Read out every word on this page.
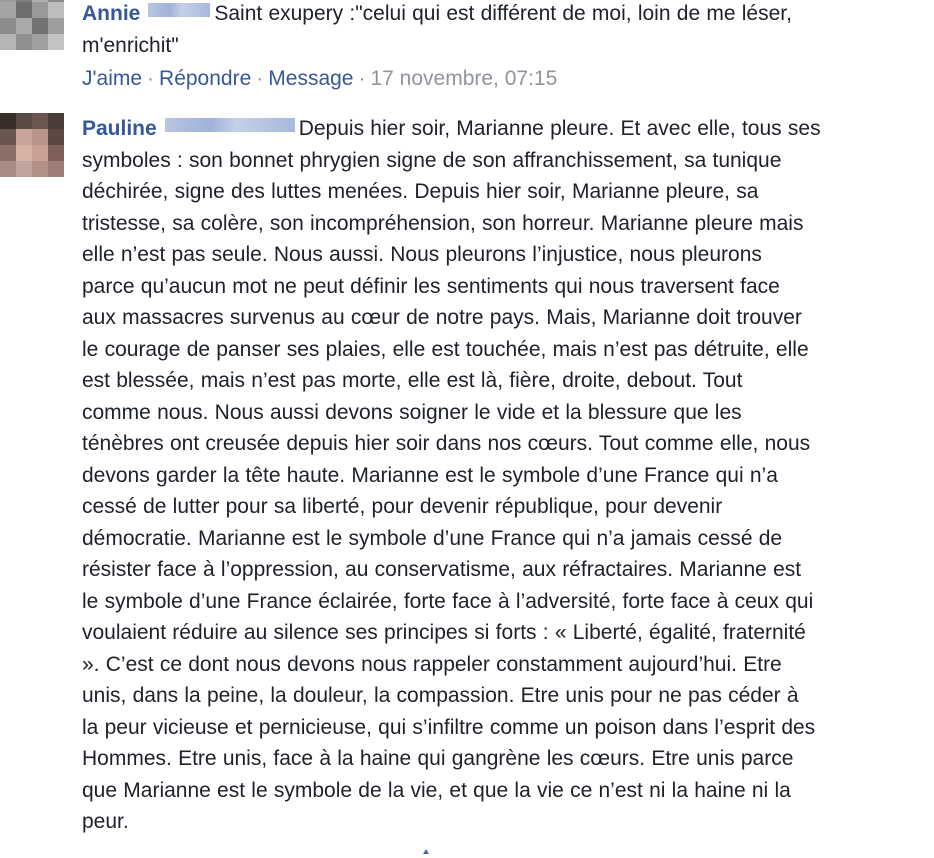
Annie	Saint exupery :"celui qui est différent de moi, loin de me léser,
m'enrichit"
J'aime · Répondre · Message · 17 novembre, 07:15
Pauline	Depuis hier soir, Marianne pleure. Et avec elle, tous ses
symboles : son bonnet phrygien signe de son affranchissement, sa tunique
déchirée, signe des luttes menées. Depuis hier soir, Marianne pleure, sa
tristesse, sa colère, son incompréhension, son horreur. Marianne pleure mais
elle n’est pas seule. Nous aussi. Nous pleurons l’injustice, nous pleurons
parce qu’aucun mot ne peut définir les sentiments qui nous traversent face
aux massacres survenus au cœur de notre pays. Mais, Marianne doit trouver
le courage de panser ses plaies, elle est touchée, mais n’est pas détruite, elle
est blessée, mais n’est pas morte, elle est là, fière, droite, debout. Tout
comme nous. Nous aussi devons soigner le vide et la blessure que les
ténèbres ont creusée depuis hier soir dans nos cœurs. Tout comme elle, nous
devons garder la tête haute. Marianne est le symbole d’une France qui n’a
cessé de lutter pour sa liberté, pour devenir république, pour devenir
démocratie. Marianne est le symbole d’une France qui n’a jamais cessé de
résister face à l’oppression, au conservatisme, aux réfractaires. Marianne est
le symbole d’une France éclairée, forte face à l’adversité, forte face à ceux qui
voulaient réduire au silence ses principes si forts : « Liberté, égalité, fraternité
». C’est ce dont nous devons nous rappeler constamment aujourd’hui. Etre
unis, dans la peine, la douleur, la compassion. Etre unis pour ne pas céder à
la peur vicieuse et pernicieuse, qui s’infiltre comme un poison dans l’esprit des
Hommes. Etre unis, face à la haine qui gangrène les cœurs. Etre unis parce
que Marianne est le symbole de la vie, et que la vie ce n’est ni la haine ni la
peur.
